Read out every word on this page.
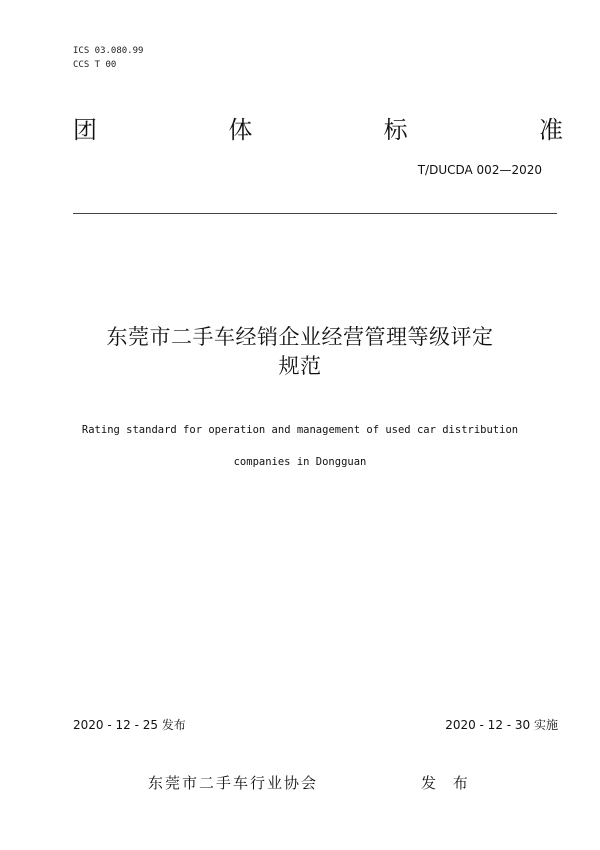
ICS 03.080.99
CCS T 00
团	体	标	准
T/DUCDA 002—2020
东莞市二手车经销企业经营管理等级评定
规范
Rating standard for operation and management of used car distribution
companies in Dongguan
2020 - 12 - 25 发布	2020 - 12 - 30 实施
东莞市二手车行业协会	发 布
